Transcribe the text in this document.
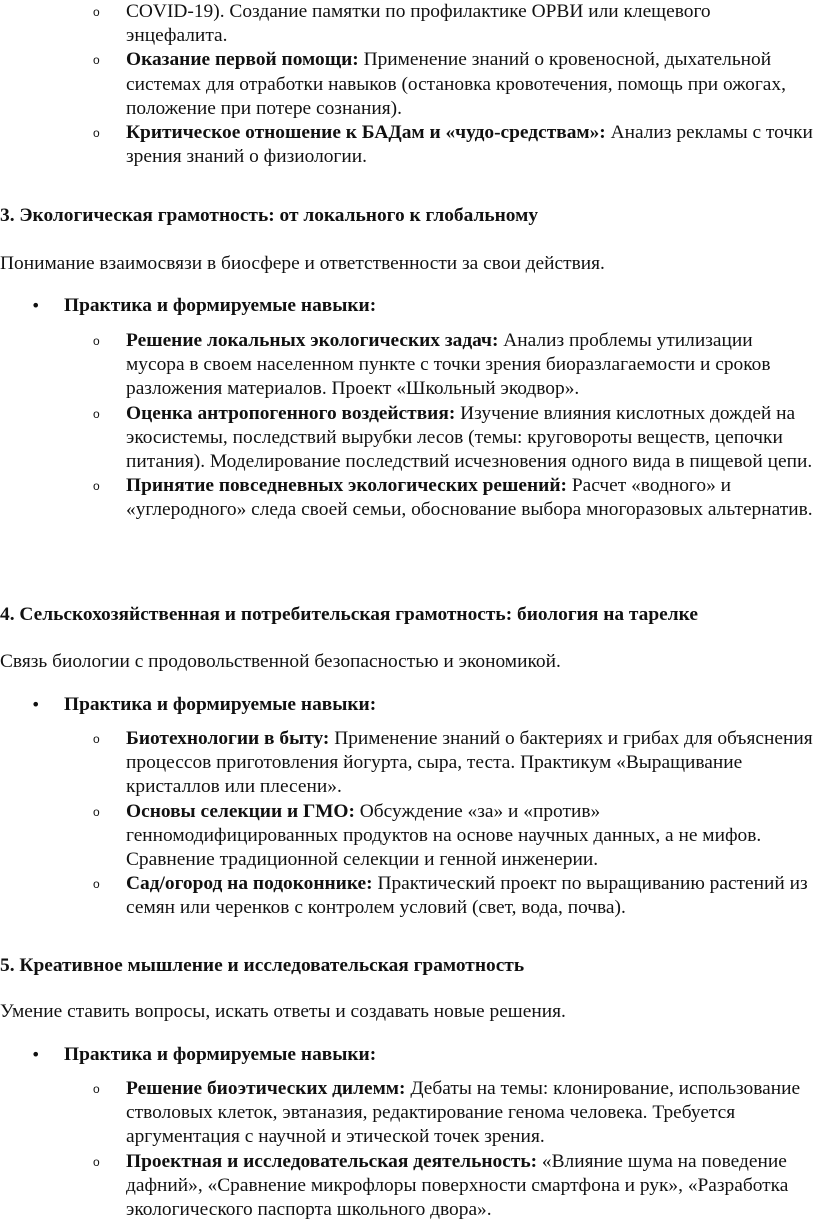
o COVID-19). Создание памятки по профилактике ОРВИ или клещевого энцефалита.
o Оказание первой помощи: Применение знаний о кровеносной, дыхательной системах для отработки навыков (остановка кровотечения, помощь при ожогах, положение при потере сознания).
o Критическое отношение к БАДам и «чудо-средствам»: Анализ рекламы с точки зрения знаний о физиологии.
3. Экологическая грамотность: от локального к глобальному
Понимание взаимосвязи в биосфере и ответственности за свои действия.
• Практика и формируемые навыки:
o Решение локальных экологических задач: Анализ проблемы утилизации мусора в своем населенном пункте с точки зрения биоразлагаемости и сроков разложения материалов. Проект «Школьный экодвор».
o Оценка антропогенного воздействия: Изучение влияния кислотных дождей на экосистемы, последствий вырубки лесов (темы: круговороты веществ, цепочки питания). Моделирование последствий исчезновения одного вида в пищевой цепи.
o Принятие повседневных экологических решений: Расчет «водного» и «углеродного» следа своей семьи, обоснование выбора многоразовых альтернатив.
4. Сельскохозяйственная и потребительская грамотность: биология на тарелке
Связь биологии с продовольственной безопасностью и экономикой.
• Практика и формируемые навыки:
o Биотехнологии в быту: Применение знаний о бактериях и грибах для объяснения процессов приготовления йогурта, сыра, теста. Практикум «Выращивание кристаллов или плесени».
o Основы селекции и ГМО: Обсуждение «за» и «против» генномодифицированных продуктов на основе научных данных, а не мифов. Сравнение традиционной селекции и генной инженерии.
o Сад/огород на подоконнике: Практический проект по выращиванию растений из семян или черенков с контролем условий (свет, вода, почва).
5. Креативное мышление и исследовательская грамотность
Умение ставить вопросы, искать ответы и создавать новые решения.
• Практика и формируемые навыки:
o Решение биоэтических дилемм: Дебаты на темы: клонирование, использование стволовых клеток, эвтаназия, редактирование генома человека. Требуется аргументация с научной и этической точек зрения.
o Проектная и исследовательская деятельность: «Влияние шума на поведение дафний», «Сравнение микрофлоры поверхности смартфона и рук», «Разработка экологического паспорта школьного двора».
